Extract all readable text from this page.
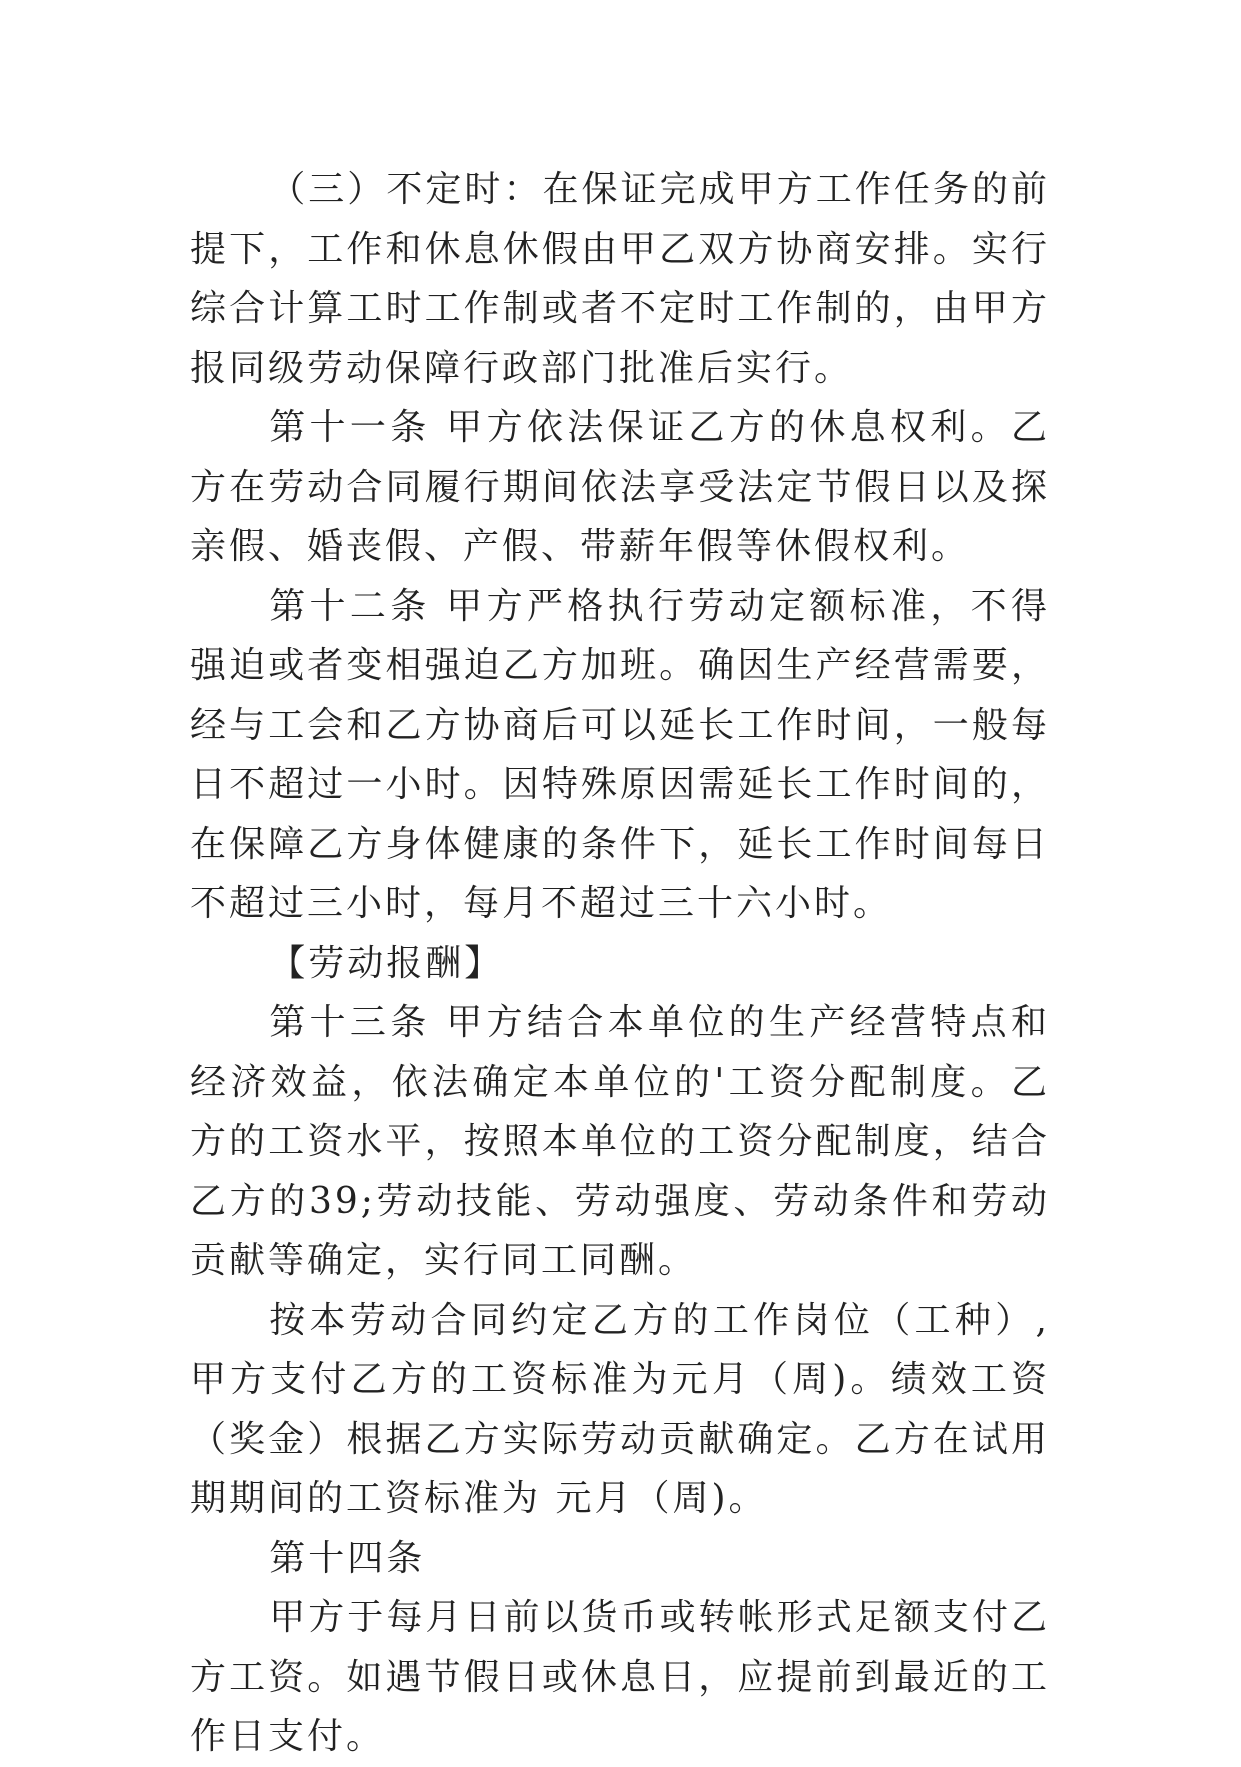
（三）不定时：在保证完成甲方工作任务的前提下，工作和休息休假由甲乙双方协商安排。实行综合计算工时工作制或者不定时工作制的，由甲方报同级劳动保障行政部门批准后实行。

第十一条 甲方依法保证乙方的休息权利。乙方在劳动合同履行期间依法享受法定节假日以及探亲假、婚丧假、产假、带薪年假等休假权利。

第十二条 甲方严格执行劳动定额标准，不得强迫或者变相强迫乙方加班。确因生产经营需要，经与工会和乙方协商后可以延长工作时间，一般每日不超过一小时。因特殊原因需延长工作时间的，在保障乙方身体健康的条件下，延长工作时间每日不超过三小时，每月不超过三十六小时。

【劳动报酬】

第十三条 甲方结合本单位的生产经营特点和经济效益，依法确定本单位的'工资分配制度。乙方的工资水平，按照本单位的工资分配制度，结合乙方的39;劳动技能、劳动强度、劳动条件和劳动贡献等确定，实行同工同酬。

按本劳动合同约定乙方的工作岗位（工种）,甲方支付乙方的工资标准为元月（周)。绩效工资（奖金）根据乙方实际劳动贡献确定。乙方在试用期期间的工资标准为 元月（周)。

第十四条

甲方于每月日前以货币或转帐形式足额支付乙方工资。如遇节假日或休息日，应提前到最近的工作日支付。
